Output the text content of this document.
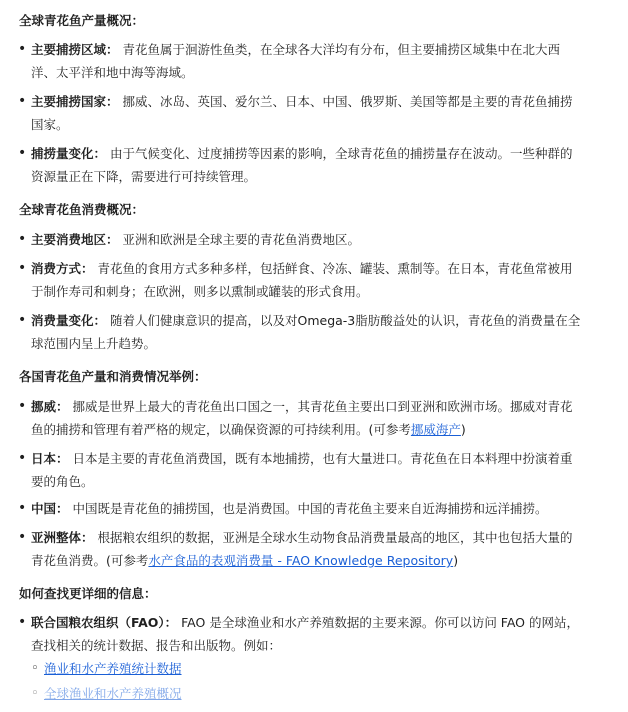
全球青花鱼产量概况：
• 主要捕捞区域： 青花鱼属于洄游性鱼类，在全球各大洋均有分布，但主要捕捞区域集中在北大西洋、太平洋和地中海等海域。
• 主要捕捞国家： 挪威、冰岛、英国、爱尔兰、日本、中国、俄罗斯、美国等都是主要的青花鱼捕捞国家。
• 捕捞量变化： 由于气候变化、过度捕捞等因素的影响，全球青花鱼的捕捞量存在波动。一些种群的资源量正在下降，需要进行可持续管理。
全球青花鱼消费概况：
• 主要消费地区： 亚洲和欧洲是全球主要的青花鱼消费地区。
• 消费方式： 青花鱼的食用方式多种多样，包括鲜食、冷冻、罐装、熏制等。在日本，青花鱼常被用于制作寿司和刺身；在欧洲，则多以熏制或罐装的形式食用。
• 消费量变化： 随着人们健康意识的提高，以及对Omega-3脂肪酸益处的认识，青花鱼的消费量在全球范围内呈上升趋势。
各国青花鱼产量和消费情况举例：
• 挪威： 挪威是世界上最大的青花鱼出口国之一，其青花鱼主要出口到亚洲和欧洲市场。挪威对青花鱼的捕捞和管理有着严格的规定，以确保资源的可持续利用。(可参考挪威海产)
• 日本： 日本是主要的青花鱼消费国，既有本地捕捞，也有大量进口。青花鱼在日本料理中扮演着重要的角色。
• 中国： 中国既是青花鱼的捕捞国，也是消费国。中国的青花鱼主要来自近海捕捞和远洋捕捞。
• 亚洲整体： 根据粮农组织的数据，亚洲是全球水生动物食品消费量最高的地区，其中也包括大量的青花鱼消费。(可参考水产食品的表观消费量 - FAO Knowledge Repository)
如何查找更详细的信息：
• 联合国粮农组织（FAO）： FAO 是全球渔业和水产养殖数据的主要来源。你可以访问 FAO 的网站，查找相关的统计数据、报告和出版物。例如：
◦ 渔业和水产养殖统计数据
◦ 全球渔业和水产养殖概况
